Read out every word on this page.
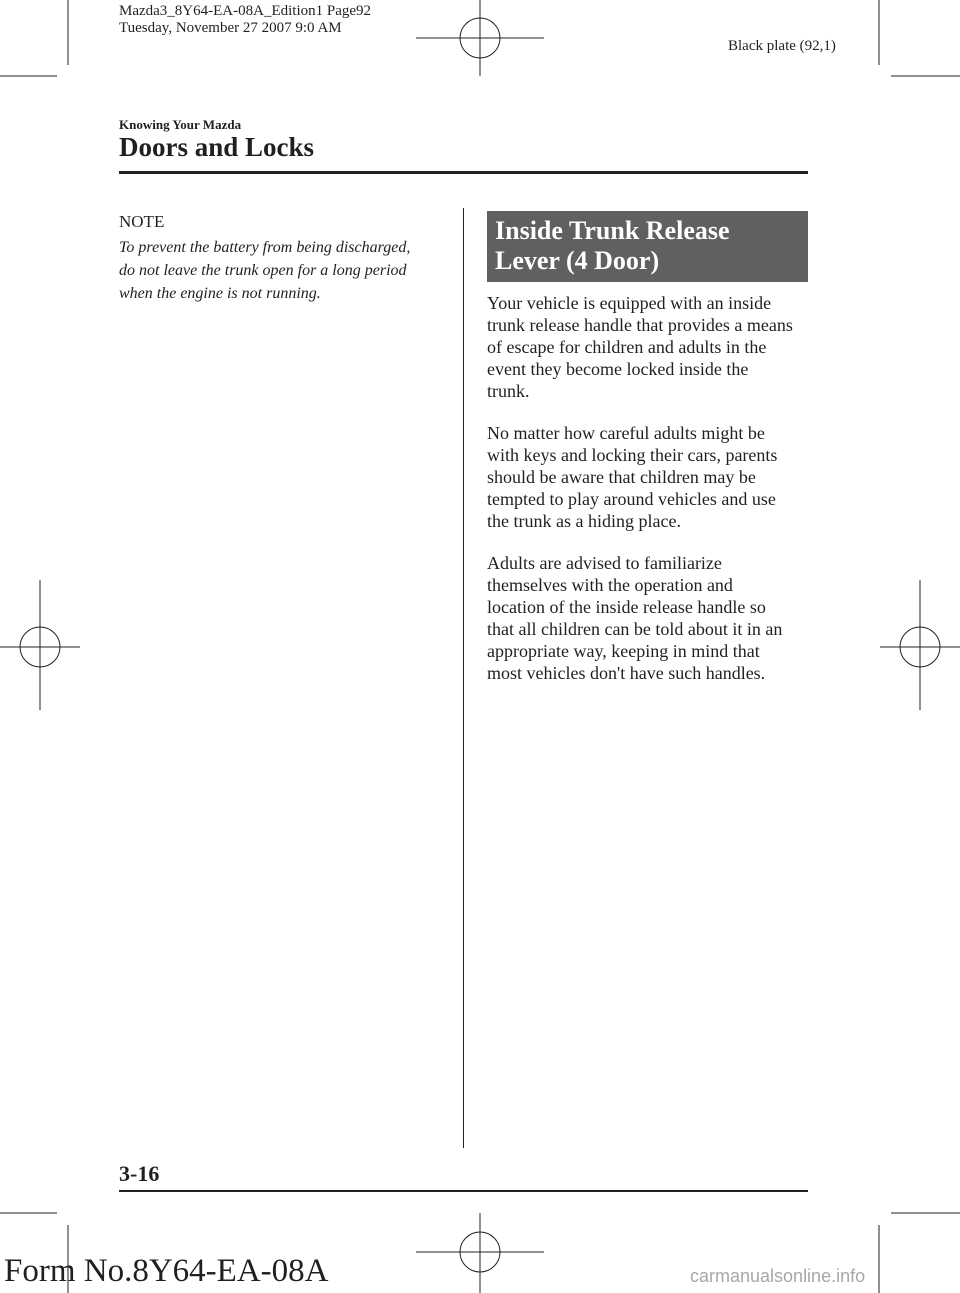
Mazda3_8Y64-EA-08A_Edition1 Page92
Tuesday, November 27 2007 9:0 AM
Black plate (92,1)
Knowing Your Mazda
Doors and Locks
NOTE
To prevent the battery from being discharged,
do not leave the trunk open for a long period
when the engine is not running.
Inside Trunk Release
Lever (4 Door)
Your vehicle is equipped with an inside
trunk release handle that provides a means
of escape for children and adults in the
event they become locked inside the
trunk.
No matter how careful adults might be
with keys and locking their cars, parents
should be aware that children may be
tempted to play around vehicles and use
the trunk as a hiding place.
Adults are advised to familiarize
themselves with the operation and
location of the inside release handle so
that all children can be told about it in an
appropriate way, keeping in mind that
most vehicles don't have such handles.
3-16
Form No.8Y64-EA-08A	carmanualsonline.info
